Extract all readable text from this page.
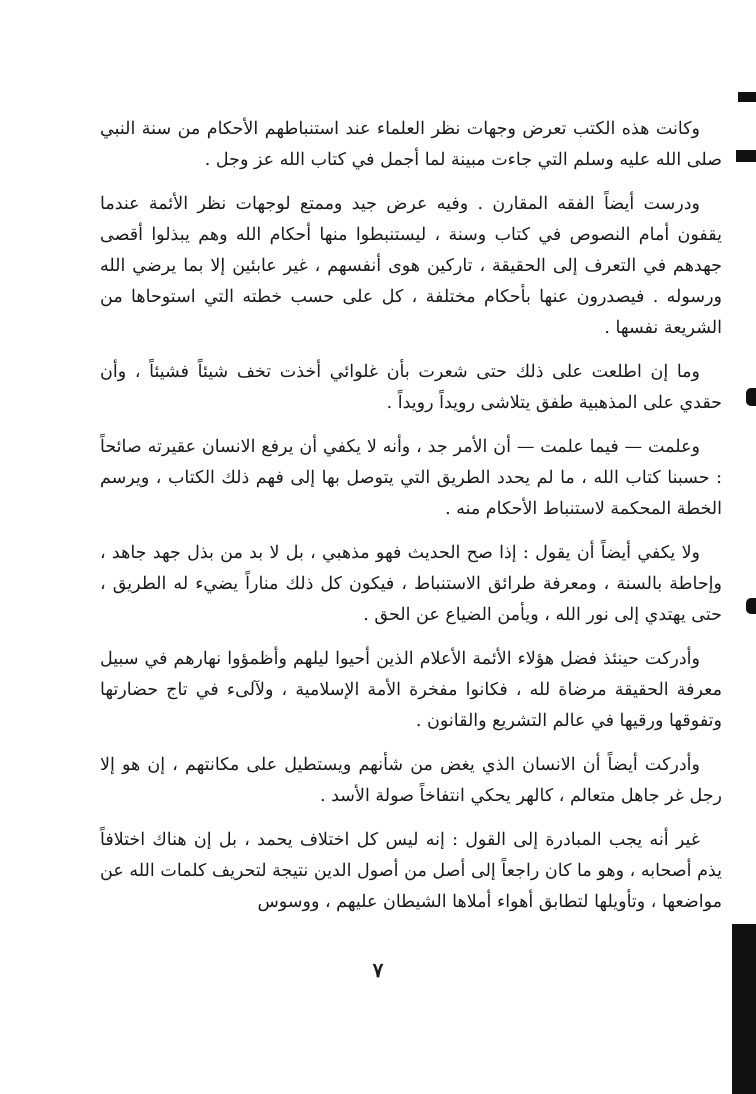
وكانت هذه الكتب تعرض وجهات نظر العلماء عند استنباطهم الأحكام من سنة النبي صلى الله عليه وسلم التي جاءت مبينة لما أجمل في كتاب الله عز وجل .

ودرست أيضاً الفقه المقارن . وفيه عرض جيد وممتع لوجهات نظر الأئمة عندما يقفون أمام النصوص في كتاب وسنة ، ليستنبطوا منها أحكام الله وهم يبذلوا أقصى جهدهم في التعرف إلى الحقيقة ، تاركين هوى أنفسهم ، غير عابئين إلا بما يرضي الله ورسوله . فيصدرون عنها بأحكام مختلفة ، كل على حسب خطته التي استوحاها من الشريعة نفسها .

وما إن اطلعت على ذلك حتى شعرت بأن غلوائي أخذت تخف شيئاً فشيئاً ، وأن حقدي على المذهبية طفق يتلاشى رويداً رويداً .

وعلمت — فيما علمت — أن الأمر جد ، وأنه لا يكفي أن يرفع الانسان عقيرته صائحاً : حسبنا كتاب الله ، ما لم يحدد الطريق التي يتوصل بها إلى فهم ذلك الكتاب ، ويرسم الخطة المحكمة لاستنباط الأحكام منه .

ولا يكفي أيضاً أن يقول : إذا صح الحديث فهو مذهبي ، بل لا بد من بذل جهد جاهد ، وإحاطة بالسنة ، ومعرفة طرائق الاستنباط ، فيكون كل ذلك مناراً يضيء له الطريق ، حتى يهتدي إلى نور الله ، ويأمن الضياع عن الحق .

وأدركت حينئذ فضل هؤلاء الأئمة الأعلام الذين أحيوا ليلهم وأظمؤوا نهارهم في سبيل معرفة الحقيقة مرضاة لله ، فكانوا مفخرة الأمة الإسلامية ، ولآلىء في تاج حضارتها وتفوقها ورقيها في عالم التشريع والقانون .

وأدركت أيضاً أن الانسان الذي يغض من شأنهم ويستطيل على مكانتهم ، إن هو إلا رجل غر جاهل متعالم ، كالهر يحكي انتفاخاً صولة الأسد .

غير أنه يجب المبادرة إلى القول : إنه ليس كل اختلاف يحمد ، بل إن هناك اختلافاً يذم أصحابه ، وهو ما كان راجعاً إلى أصل من أصول الدين نتيجة لتحريف كلمات الله عن مواضعها ، وتأويلها لتطابق أهواء أملاها الشيطان عليهم ، ووسوس

٧
